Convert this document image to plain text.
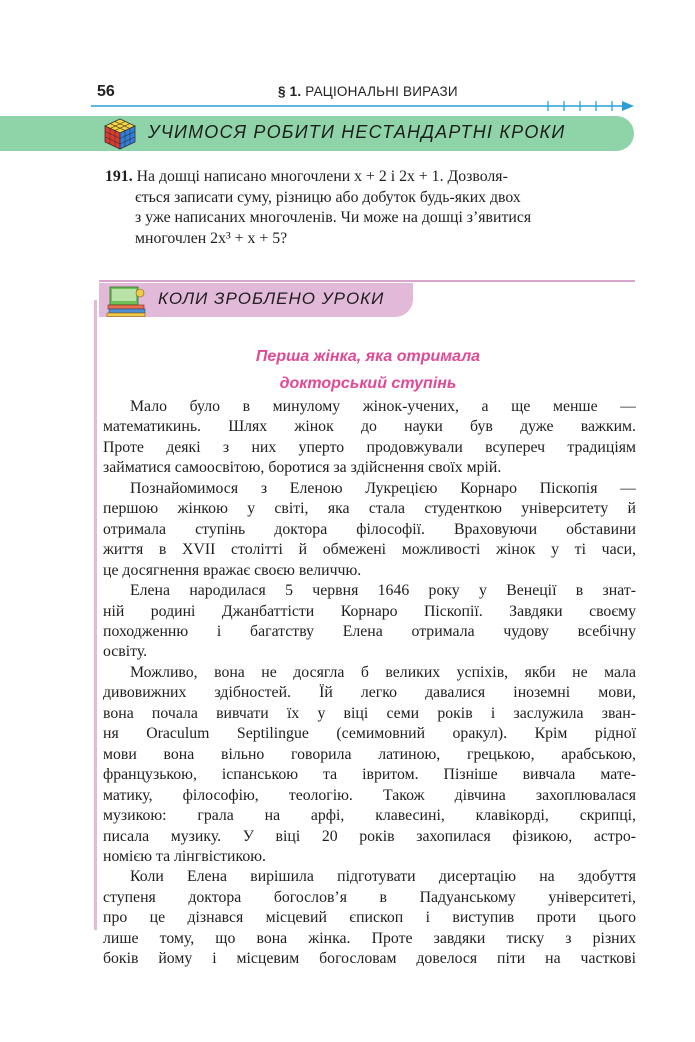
56	§ 1. РАЦІОНАЛЬНІ ВИРАЗИ
УЧИМОСЯ РОБИТИ НЕСТАНДАРТНІ КРОКИ
191. На дошці написано многочлени x + 2 і 2x + 1. Дозволя-
ється записати суму, різницю або добуток будь-яких двох
з уже написаних многочленів. Чи може на дошці з’явитися
многочлен 2x³ + x + 5?
КОЛИ ЗРОБЛЕНО УРОКИ
Перша жінка, яка отримала
докторський ступінь
Мало було в минулому жінок-учених, а ще менше —
математикинь. Шлях жінок до науки був дуже важким.
Проте деякі з них уперто продовжували всупереч традиціям
займатися самоосвітою, боротися за здійснення своїх мрій.
Познайомимося з Еленою Лукрецією Корнаро Піскопія —
першою жінкою у світі, яка стала студенткою університету й
отримала ступінь доктора філософії. Враховуючи обставини
життя в XVII столітті й обмежені можливості жінок у ті часи,
це досягнення вражає своєю величчю.
Елена народилася 5 червня 1646 року у Венеції в знат-
ній родині Джанбаттісти Корнаро Піскопії. Завдяки своєму
походженню і багатству Елена отримала чудову всебічну
освіту.
Можливо, вона не досягла б великих успіхів, якби не мала
дивовижних здібностей. Їй легко давалися іноземні мови,
вона почала вивчати їх у віці семи років і заслужила зван-
ня Oraculum Septilingue (семимовний оракул). Крім рідної
мови вона вільно говорила латиною, грецькою, арабською,
французькою, іспанською та івритом. Пізніше вивчала мате-
матику, філософію, теологію. Також дівчина захоплювалася
музикою: грала на арфі, клавесині, клавікорді, скрипці,
писала музику. У віці 20 років захопилася фізикою, астро-
номією та лінгвістикою.
Коли Елена вирішила підготувати дисертацію на здобуття
ступеня доктора богослов’я в Падуанському університеті,
про це дізнався місцевий єпископ і виступив проти цього
лише тому, що вона жінка. Проте завдяки тиску з різних
боків йому і місцевим богословам довелося піти на часткові
